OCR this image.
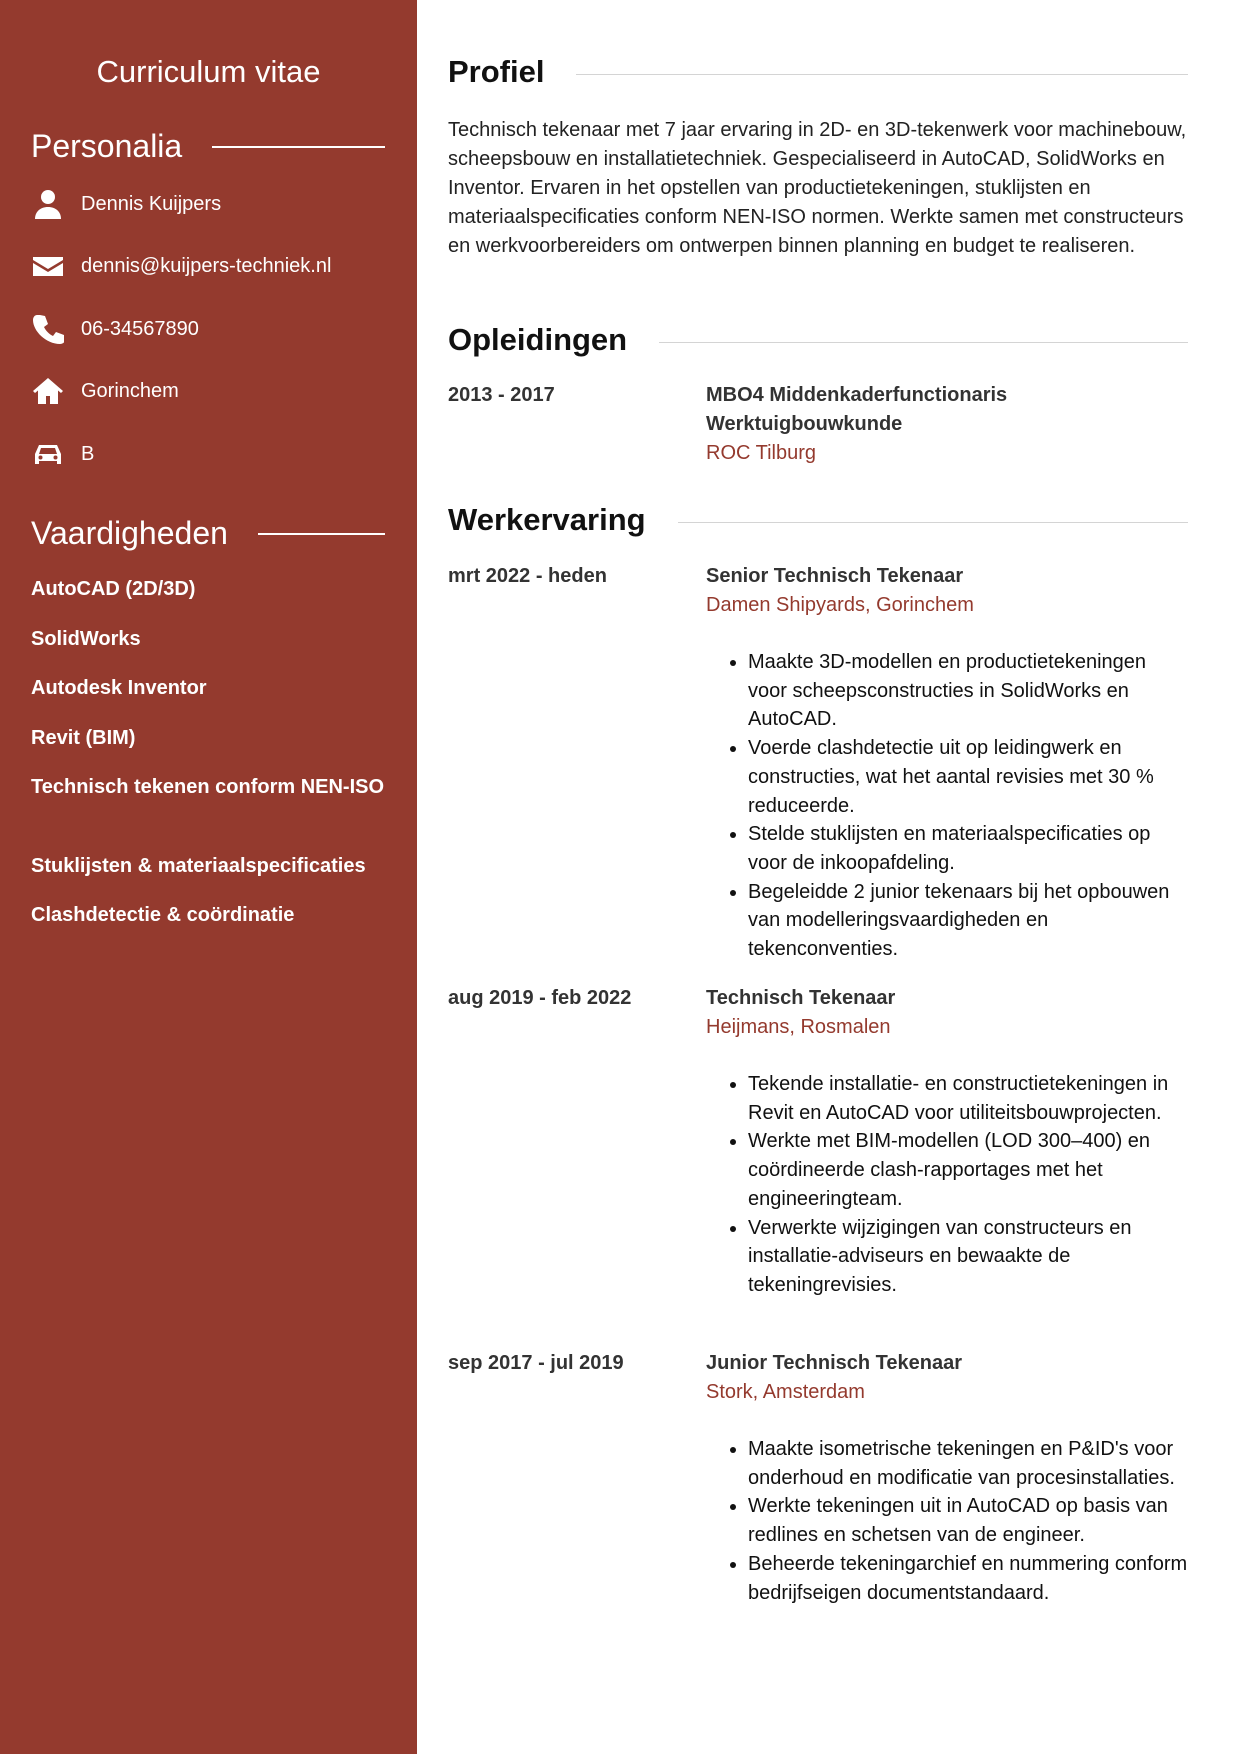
Curriculum vitae
Personalia
Dennis Kuijpers
dennis@kuijpers-techniek.nl
06-34567890
Gorinchem
B
Vaardigheden
AutoCAD (2D/3D)
SolidWorks
Autodesk Inventor
Revit (BIM)
Technisch tekenen conform NEN-ISO
Stuklijsten & materiaalspecificaties
Clashdetectie & coördinatie
Profiel
Technisch tekenaar met 7 jaar ervaring in 2D- en 3D-tekenwerk voor machinebouw, scheepsbouw en installatietechniek. Gespecialiseerd in AutoCAD, SolidWorks en Inventor. Ervaren in het opstellen van productietekeningen, stuklijsten en materiaalspecificaties conform NEN-ISO normen. Werkte samen met constructeurs en werkvoorbereiders om ontwerpen binnen planning en budget te realiseren.
Opleidingen
2013 - 2017	MBO4 Middenkaderfunctionaris Werktuigbouwkunde
ROC Tilburg
Werkervaring
mrt 2022 - heden	Senior Technisch Tekenaar
Damen Shipyards, Gorinchem
• Maakte 3D-modellen en productietekeningen voor scheepsconstructies in SolidWorks en AutoCAD.
• Voerde clashdetectie uit op leidingwerk en constructies, wat het aantal revisies met 30 % reduceerde.
• Stelde stuklijsten en materiaalspecificaties op voor de inkoopafdeling.
• Begeleidde 2 junior tekenaars bij het opbouwen van modelleringsvaardigheden en tekenconventies.
aug 2019 - feb 2022	Technisch Tekenaar
Heijmans, Rosmalen
• Tekende installatie- en constructietekeningen in Revit en AutoCAD voor utiliteitsbouwprojecten.
• Werkte met BIM-modellen (LOD 300–400) en coördineerde clash-rapportages met het engineeringteam.
• Verwerkte wijzigingen van constructeurs en installatie-adviseurs en bewaakte de tekeningrevisies.
sep 2017 - jul 2019	Junior Technisch Tekenaar
Stork, Amsterdam
• Maakte isometrische tekeningen en P&ID's voor onderhoud en modificatie van procesinstallaties.
• Werkte tekeningen uit in AutoCAD op basis van redlines en schetsen van de engineer.
• Beheerde tekeningarchief en nummering conform bedrijfseigen documentstandaard.
